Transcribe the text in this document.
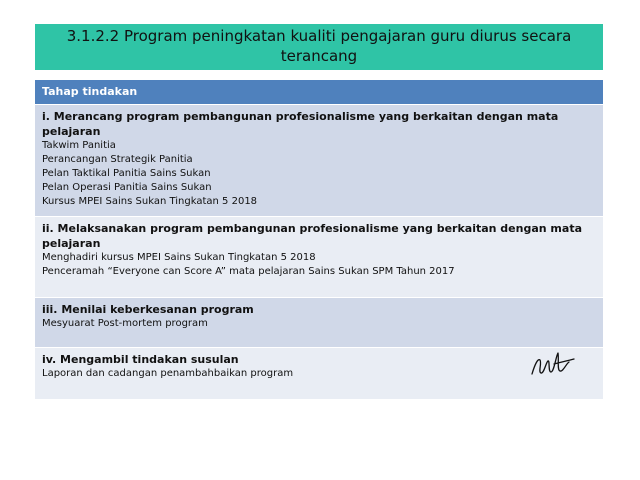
3.1.2.2 Program peningkatan kualiti pengajaran guru diurus secara terancang
Tahap tindakan
i. Merancang program pembangunan profesionalisme yang berkaitan dengan mata pelajaran
Takwim Panitia
Perancangan Strategik Panitia
Pelan Taktikal Panitia Sains Sukan
Pelan Operasi Panitia Sains Sukan
Kursus MPEI Sains Sukan Tingkatan 5 2018
ii. Melaksanakan program pembangunan profesionalisme yang berkaitan dengan mata pelajaran
Menghadiri kursus MPEI Sains Sukan Tingkatan 5 2018
Penceramah “Everyone can Score A” mata pelajaran Sains Sukan SPM Tahun 2017
iii. Menilai keberkesanan program
Mesyuarat Post-mortem program
iv. Mengambil tindakan susulan
Laporan dan cadangan penambahbaikan program
